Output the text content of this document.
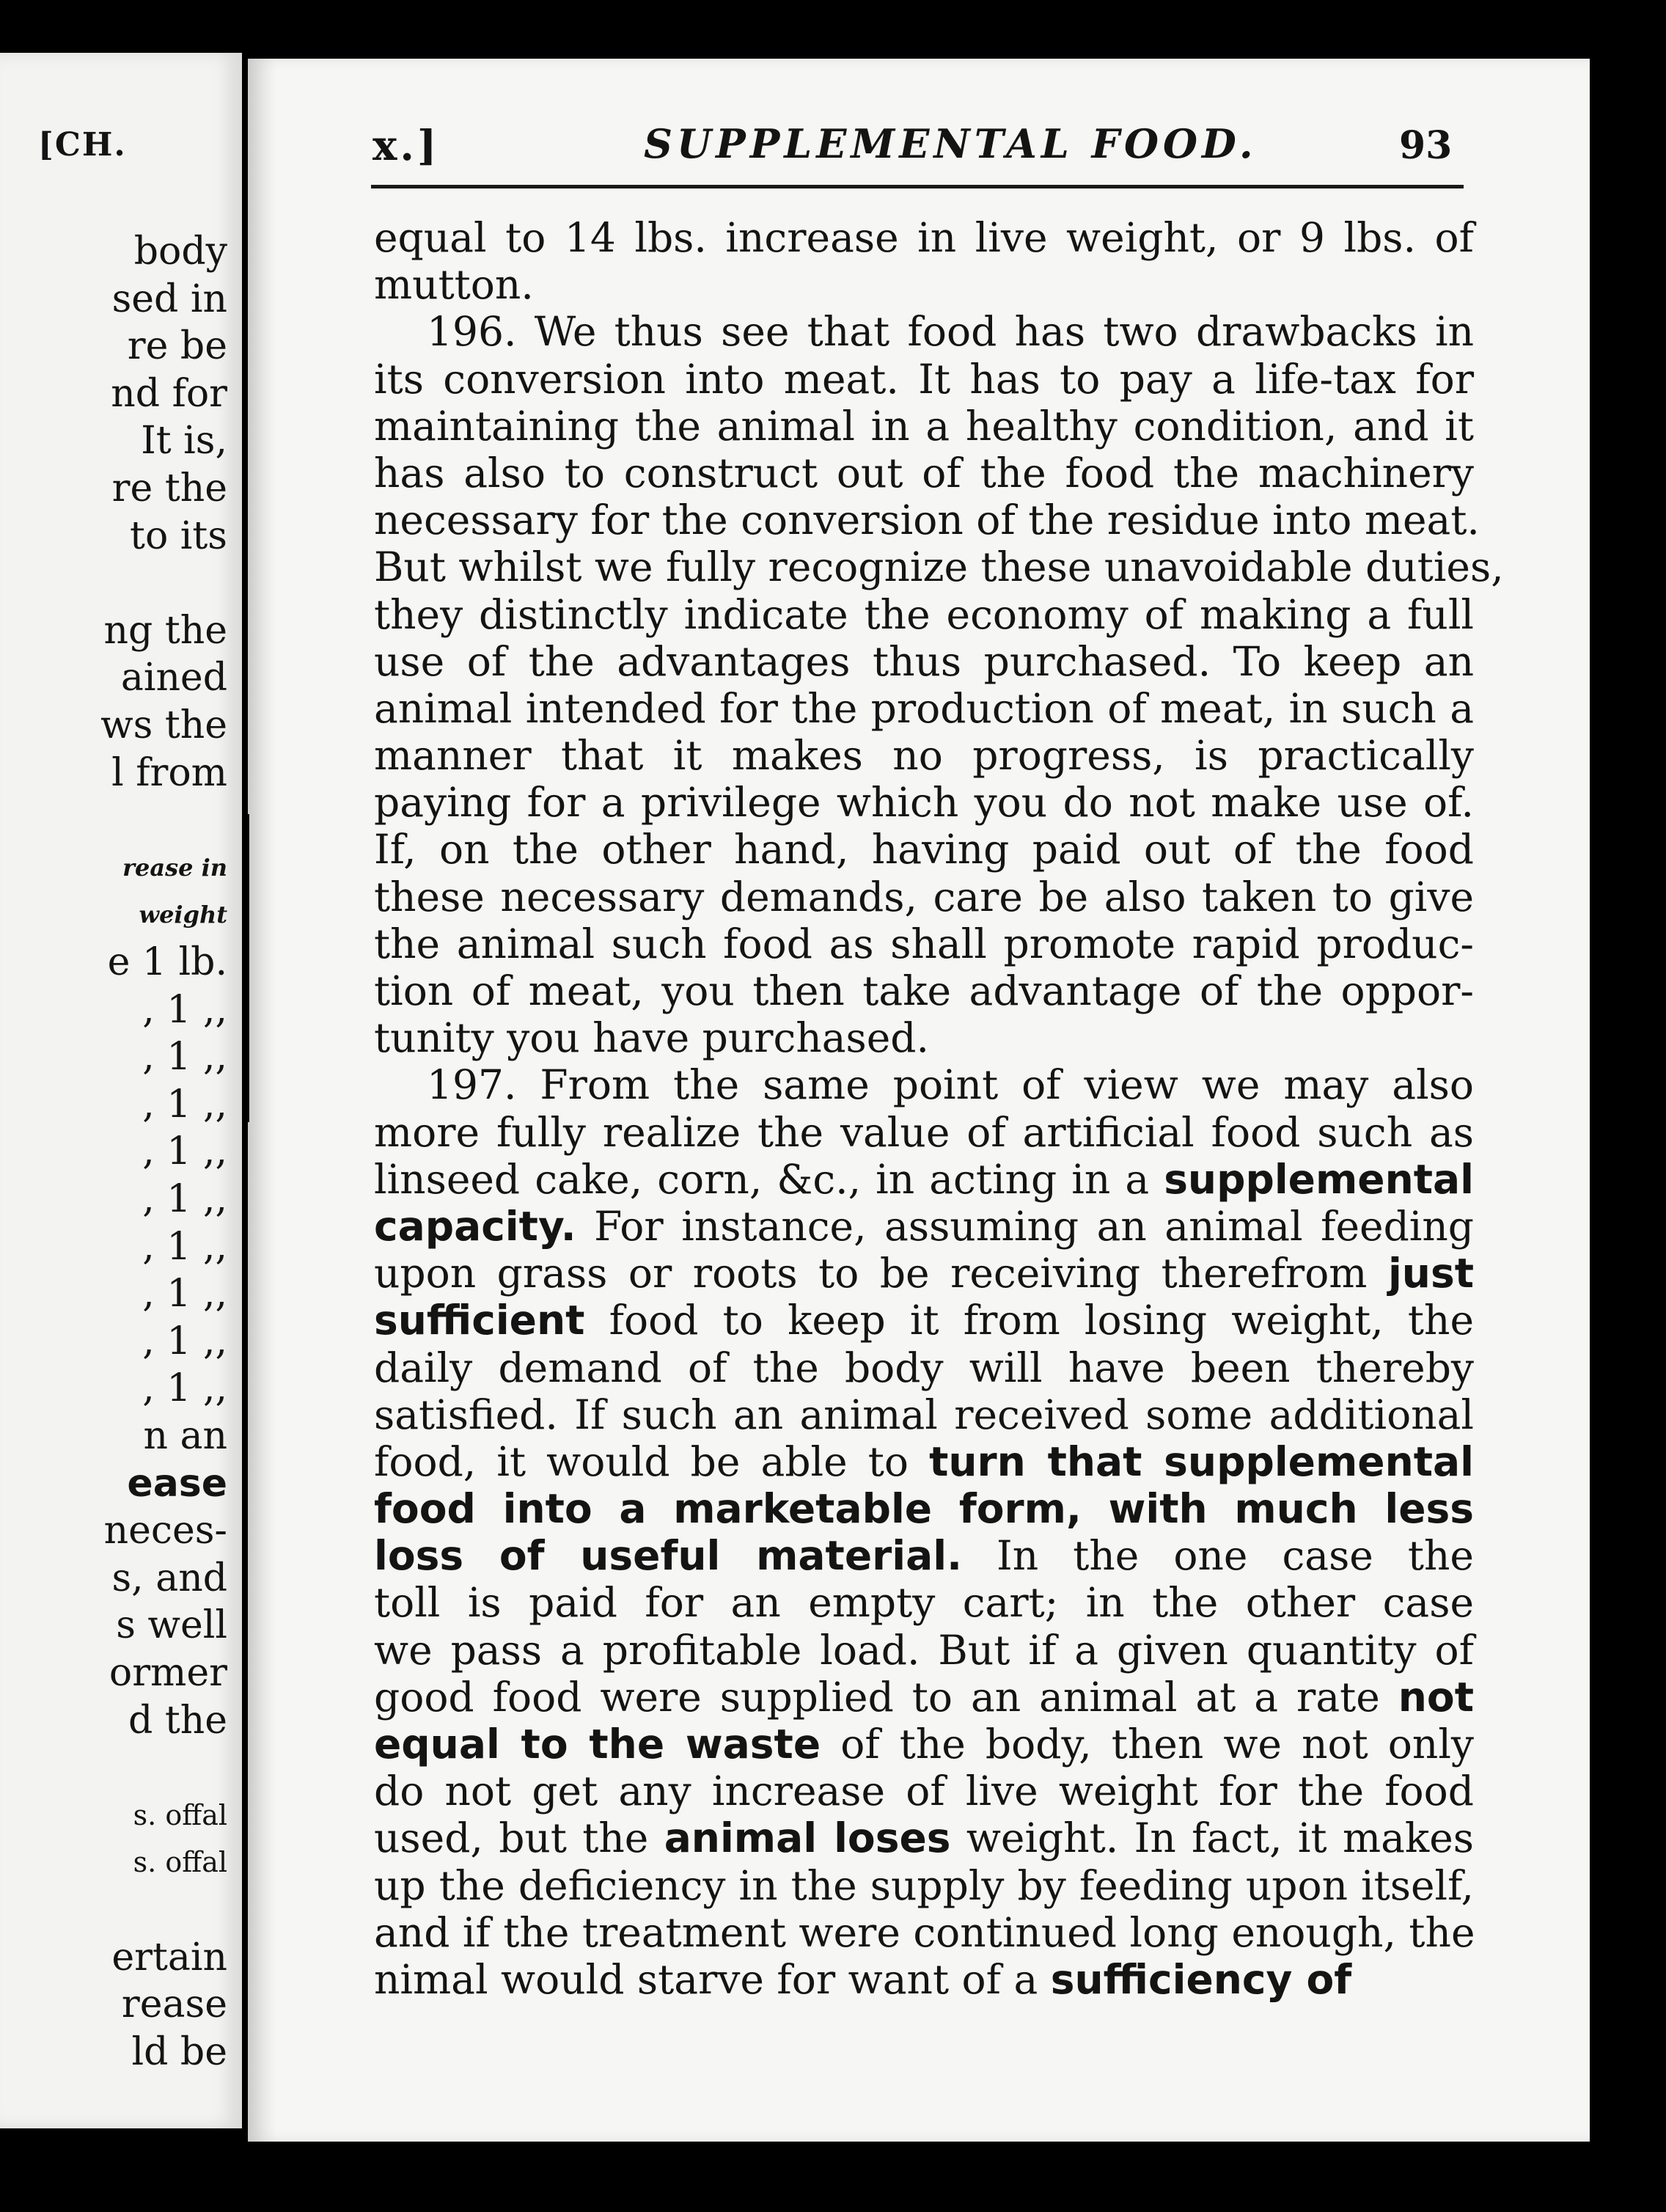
[CH.
body
sed in
re be
nd for
It is,
re the
to its
ng the
ained
ws the
l from
rease in
weight
e 1 lb.
, 1 ,,
, 1 ,,
, 1 ,,
, 1 ,,
, 1 ,,
, 1 ,,
, 1 ,,
, 1 ,,
, 1 ,,
n an
ease
neces-
s, and
s well
ormer
d the
s. offal
s. offal
ertain
rease
ld be
x.]	SUPPLEMENTAL FOOD.	93
equal to 14 lbs. increase in live weight, or 9 lbs. of
mutton.
196. We thus see that food has two drawbacks in
its conversion into meat. It has to pay a life-tax for
maintaining the animal in a healthy condition, and it
has also to construct out of the food the machinery
necessary for the conversion of the residue into meat.
But whilst we fully recognize these unavoidable duties,
they distinctly indicate the economy of making a full
use of the advantages thus purchased. To keep an
animal intended for the production of meat, in such a
manner that it makes no progress, is practically
paying for a privilege which you do not make use of.
If, on the other hand, having paid out of the food
these necessary demands, care be also taken to give
the animal such food as shall promote rapid produc-
tion of meat, you then take advantage of the oppor-
tunity you have purchased.
197. From the same point of view we may also
more fully realize the value of artificial food such as
linseed cake, corn, &c., in acting in a supplemental
capacity. For instance, assuming an animal feeding
upon grass or roots to be receiving therefrom just
sufficient food to keep it from losing weight, the
daily demand of the body will have been thereby
satisfied. If such an animal received some additional
food, it would be able to turn that supplemental
food into a marketable form, with much less
loss of useful material. In the one case the
toll is paid for an empty cart; in the other case
we pass a profitable load. But if a given quantity of
good food were supplied to an animal at a rate not
equal to the waste of the body, then we not only
do not get any increase of live weight for the food
used, but the animal loses weight. In fact, it makes
up the deficiency in the supply by feeding upon itself,
and if the treatment were continued long enough, the
nimal would starve for want of a sufficiency of
